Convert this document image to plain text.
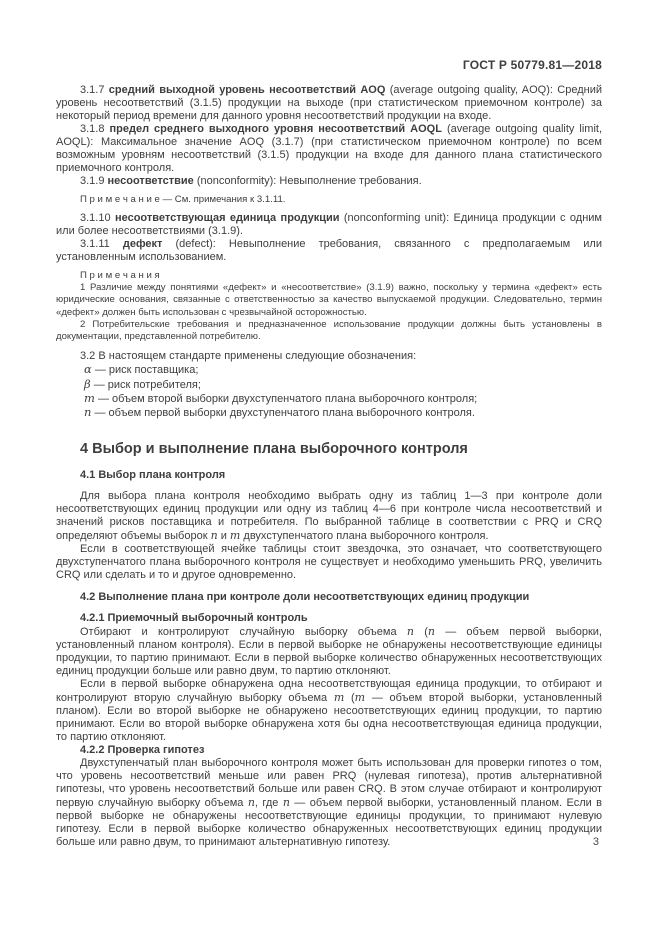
ГОСТ Р 50779.81—2018
3.1.7 средний выходной уровень несоответствий AOQ (average outgoing quality, AOQ): Средний уровень несоответствий (3.1.5) продукции на выходе (при статистическом приемочном контроле) за некоторый период времени для данного уровня несоответствий продукции на входе.
3.1.8 предел среднего выходного уровня несоответствий AOQL (average outgoing quality limit, AOQL): Максимальное значение AOQ (3.1.7) (при статистическом приемочном контроле) по всем возможным уровням несоответствий (3.1.5) продукции на входе для данного плана статистического приемочного контроля.
3.1.9 несоответствие (nonconformity): Невыполнение требования.
П р и м е ч а н и е — См. примечания к 3.1.11.
3.1.10 несоответствующая единица продукции (nonconforming unit): Единица продукции с одним или более несоответствиями (3.1.9).
3.1.11 дефект (defect): Невыполнение требования, связанного с предполагаемым или установленным использованием.
П р и м е ч а н и я
1 Различие между понятиями «дефект» и «несоответствие» (3.1.9) важно, поскольку у термина «дефект» есть юридические основания, связанные с ответственностью за качество выпускаемой продукции. Следовательно, термин «дефект» должен быть использован с чрезвычайной осторожностью.
2 Потребительские требования и предназначенное использование продукции должны быть установлены в документации, представленной потребителю.
3.2 В настоящем стандарте применены следующие обозначения:
α — риск поставщика;
β — риск потребителя;
m — объем второй выборки двухступенчатого плана выборочного контроля;
n — объем первой выборки двухступенчатого плана выборочного контроля.
4 Выбор и выполнение плана выборочного контроля
4.1 Выбор плана контроля
Для выбора плана контроля необходимо выбрать одну из таблиц 1—3 при контроле доли несоответствующих единиц продукции или одну из таблиц 4—6 при контроле числа несоответствий и значений рисков поставщика и потребителя. По выбранной таблице в соответствии с PRQ и CRQ определяют объемы выборок n и m двухступенчатого плана выборочного контроля.
Если в соответствующей ячейке таблицы стоит звездочка, это означает, что соответствующего двухступенчатого плана выборочного контроля не существует и необходимо уменьшить PRQ, увеличить CRQ или сделать и то и другое одновременно.
4.2 Выполнение плана при контроле доли несоответствующих единиц продукции
4.2.1 Приемочный выборочный контроль
Отбирают и контролируют случайную выборку объема n (n — объем первой выборки, установленный планом контроля). Если в первой выборке не обнаружены несоответствующие единицы продукции, то партию принимают. Если в первой выборке количество обнаруженных несоответствующих единиц продукции больше или равно двум, то партию отклоняют.
Если в первой выборке обнаружена одна несоответствующая единица продукции, то отбирают и контролируют вторую случайную выборку объема m (m — объем второй выборки, установленный планом). Если во второй выборке не обнаружено несоответствующих единиц продукции, то партию принимают. Если во второй выборке обнаружена хотя бы одна несоответствующая единица продукции, то партию отклоняют.
4.2.2 Проверка гипотез
Двухступенчатый план выборочного контроля может быть использован для проверки гипотез о том, что уровень несоответствий меньше или равен PRQ (нулевая гипотеза), против альтернативной гипотезы, что уровень несоответствий больше или равен CRQ. В этом случае отбирают и контролируют первую случайную выборку объема n, где n — объем первой выборки, установленный планом. Если в первой выборке не обнаружены несоответствующие единицы продукции, то принимают нулевую гипотезу. Если в первой выборке количество обнаруженных несоответствующих единиц продукции больше или равно двум, то принимают альтернативную гипотезу.	3
